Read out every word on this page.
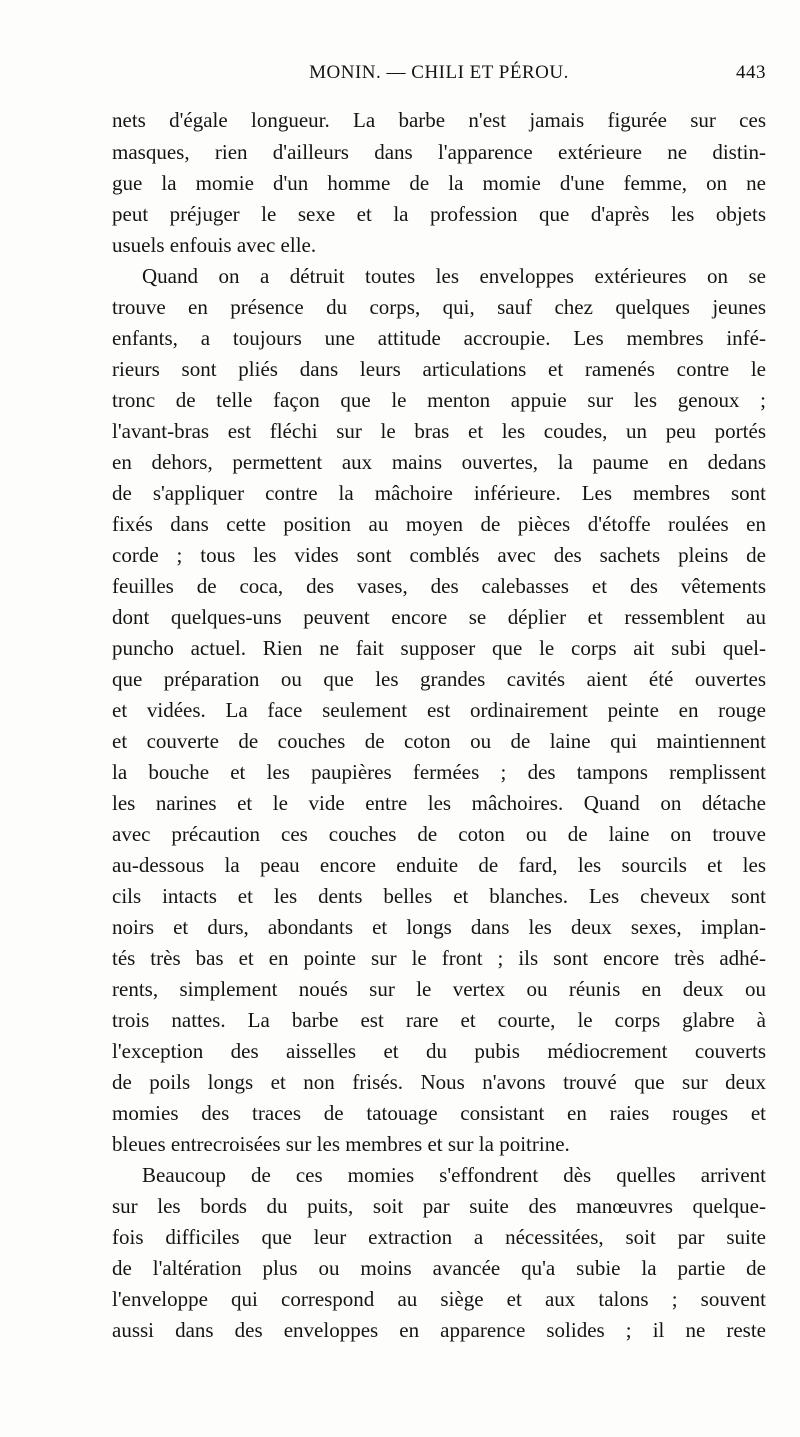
MONIN. — CHILI ET PÉROU.	443
nets d'égale longueur. La barbe n'est jamais figurée sur ces
masques, rien d'ailleurs dans l'apparence extérieure ne distin-
gue la momie d'un homme de la momie d'une femme, on ne
peut préjuger le sexe et la profession que d'après les objets
usuels enfouis avec elle.
Quand on a détruit toutes les enveloppes extérieures on se
trouve en présence du corps, qui, sauf chez quelques jeunes
enfants, a toujours une attitude accroupie. Les membres infé-
rieurs sont pliés dans leurs articulations et ramenés contre le
tronc de telle façon que le menton appuie sur les genoux ;
l'avant-bras est fléchi sur le bras et les coudes, un peu portés
en dehors, permettent aux mains ouvertes, la paume en dedans
de s'appliquer contre la mâchoire inférieure. Les membres sont
fixés dans cette position au moyen de pièces d'étoffe roulées en
corde ; tous les vides sont comblés avec des sachets pleins de
feuilles de coca, des vases, des calebasses et des vêtements
dont quelques-uns peuvent encore se déplier et ressemblent au
puncho actuel. Rien ne fait supposer que le corps ait subi quel-
que préparation ou que les grandes cavités aient été ouvertes
et vidées. La face seulement est ordinairement peinte en rouge
et couverte de couches de coton ou de laine qui maintiennent
la bouche et les paupières fermées ; des tampons remplissent
les narines et le vide entre les mâchoires. Quand on détache
avec précaution ces couches de coton ou de laine on trouve
au-dessous la peau encore enduite de fard, les sourcils et les
cils intacts et les dents belles et blanches. Les cheveux sont
noirs et durs, abondants et longs dans les deux sexes, implan-
tés très bas et en pointe sur le front ; ils sont encore très adhé-
rents, simplement noués sur le vertex ou réunis en deux ou
trois nattes. La barbe est rare et courte, le corps glabre à
l'exception des aisselles et du pubis médiocrement couverts
de poils longs et non frisés. Nous n'avons trouvé que sur deux
momies des traces de tatouage consistant en raies rouges et
bleues entrecroisées sur les membres et sur la poitrine.
Beaucoup de ces momies s'effondrent dès quelles arrivent
sur les bords du puits, soit par suite des manœuvres quelque-
fois difficiles que leur extraction a nécessitées, soit par suite
de l'altération plus ou moins avancée qu'a subie la partie de
l'enveloppe qui correspond au siège et aux talons ; souvent
aussi dans des enveloppes en apparence solides ; il ne reste
